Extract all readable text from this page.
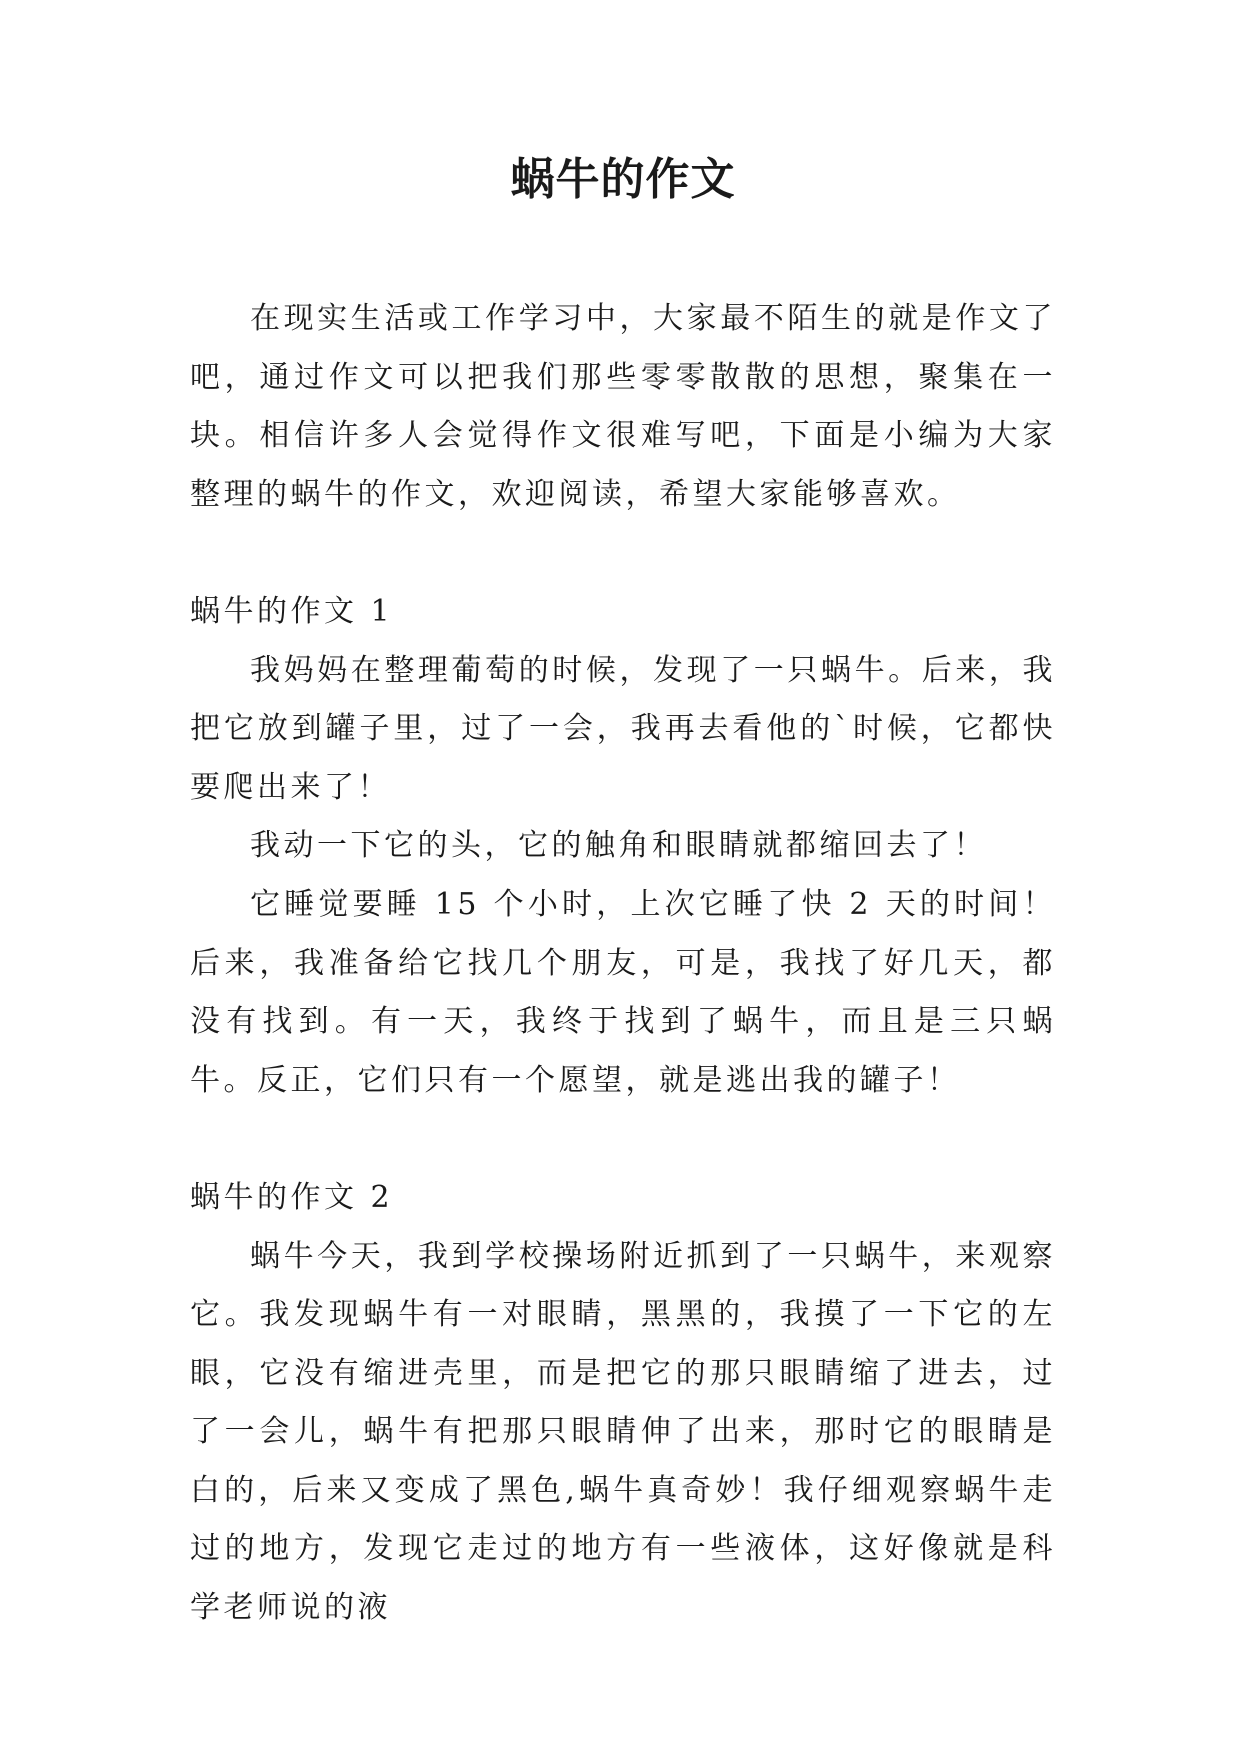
蜗牛的作文

在现实生活或工作学习中，大家最不陌生的就是作文了吧，通过作文可以把我们那些零零散散的思想，聚集在一块。相信许多人会觉得作文很难写吧，下面是小编为大家整理的蜗牛的作文，欢迎阅读，希望大家能够喜欢。

蜗牛的作文 1

我妈妈在整理葡萄的时候，发现了一只蜗牛。后来，我把它放到罐子里，过了一会，我再去看他的`时候，它都快要爬出来了！

我动一下它的头，它的触角和眼睛就都缩回去了！

它睡觉要睡 15 个小时，上次它睡了快 2 天的时间！后来，我准备给它找几个朋友，可是，我找了好几天，都没有找到。有一天，我终于找到了蜗牛，而且是三只蜗牛。反正，它们只有一个愿望，就是逃出我的罐子！

蜗牛的作文 2

蜗牛今天，我到学校操场附近抓到了一只蜗牛，来观察它。我发现蜗牛有一对眼睛，黑黑的，我摸了一下它的左眼，它没有缩进壳里，而是把它的那只眼睛缩了进去，过了一会儿，蜗牛有把那只眼睛伸了出来，那时它的眼睛是白的，后来又变成了黑色,蜗牛真奇妙！我仔细观察蜗牛走过的地方，发现它走过的地方有一些液体，这好像就是科学老师说的液
